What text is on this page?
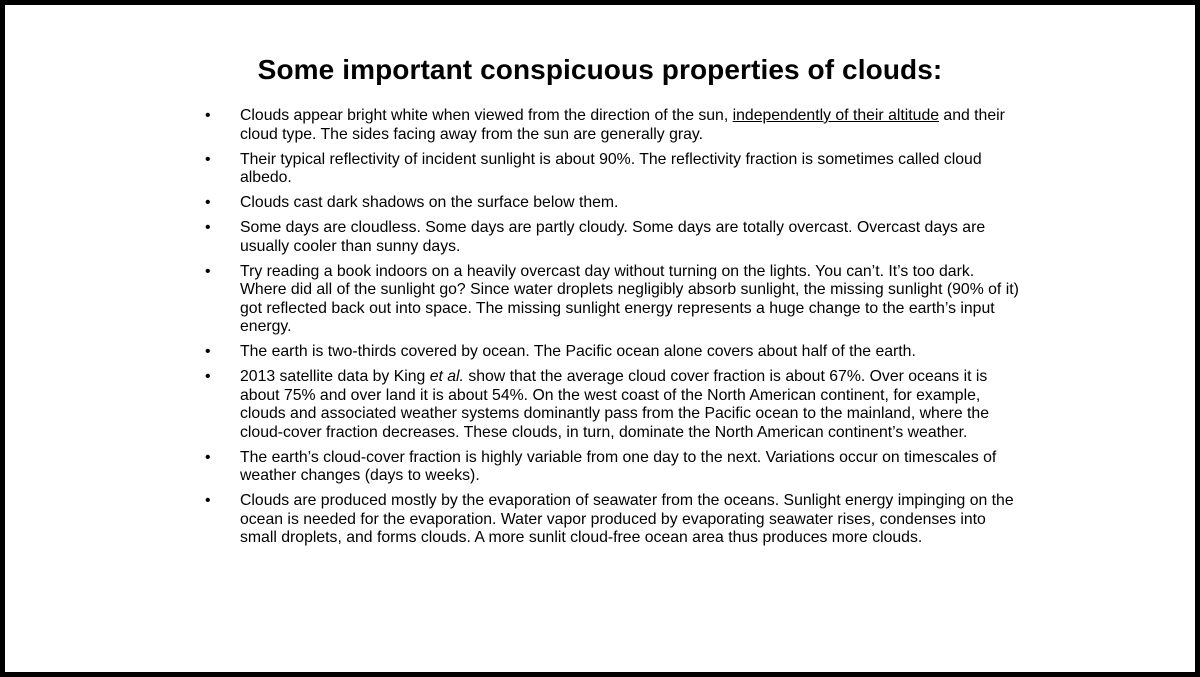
Some important conspicuous properties of clouds:
•	Clouds appear bright white when viewed from the direction of the sun, independently of their altitude and their cloud type. The sides facing away from the sun are generally gray.
•	Their typical reflectivity of incident sunlight is about 90%. The reflectivity fraction is sometimes called cloud albedo.
•	Clouds cast dark shadows on the surface below them.
•	Some days are cloudless. Some days are partly cloudy. Some days are totally overcast. Overcast days are usually cooler than sunny days.
•	Try reading a book indoors on a heavily overcast day without turning on the lights. You can’t. It’s too dark. Where did all of the sunlight go? Since water droplets negligibly absorb sunlight, the missing sunlight (90% of it) got reflected back out into space. The missing sunlight energy represents a huge change to the earth’s input energy.
•	The earth is two-thirds covered by ocean. The Pacific ocean alone covers about half of the earth.
•	2013 satellite data by King et al. show that the average cloud cover fraction is about 67%. Over oceans it is about 75% and over land it is about 54%. On the west coast of the North American continent, for example, clouds and associated weather systems dominantly pass from the Pacific ocean to the mainland, where the cloud-cover fraction decreases. These clouds, in turn, dominate the North American continent’s weather.
•	The earth’s cloud-cover fraction is highly variable from one day to the next. Variations occur on timescales of weather changes (days to weeks).
•	Clouds are produced mostly by the evaporation of seawater from the oceans. Sunlight energy impinging on the ocean is needed for the evaporation. Water vapor produced by evaporating seawater rises, condenses into small droplets, and forms clouds. A more sunlit cloud-free ocean area thus produces more clouds.
